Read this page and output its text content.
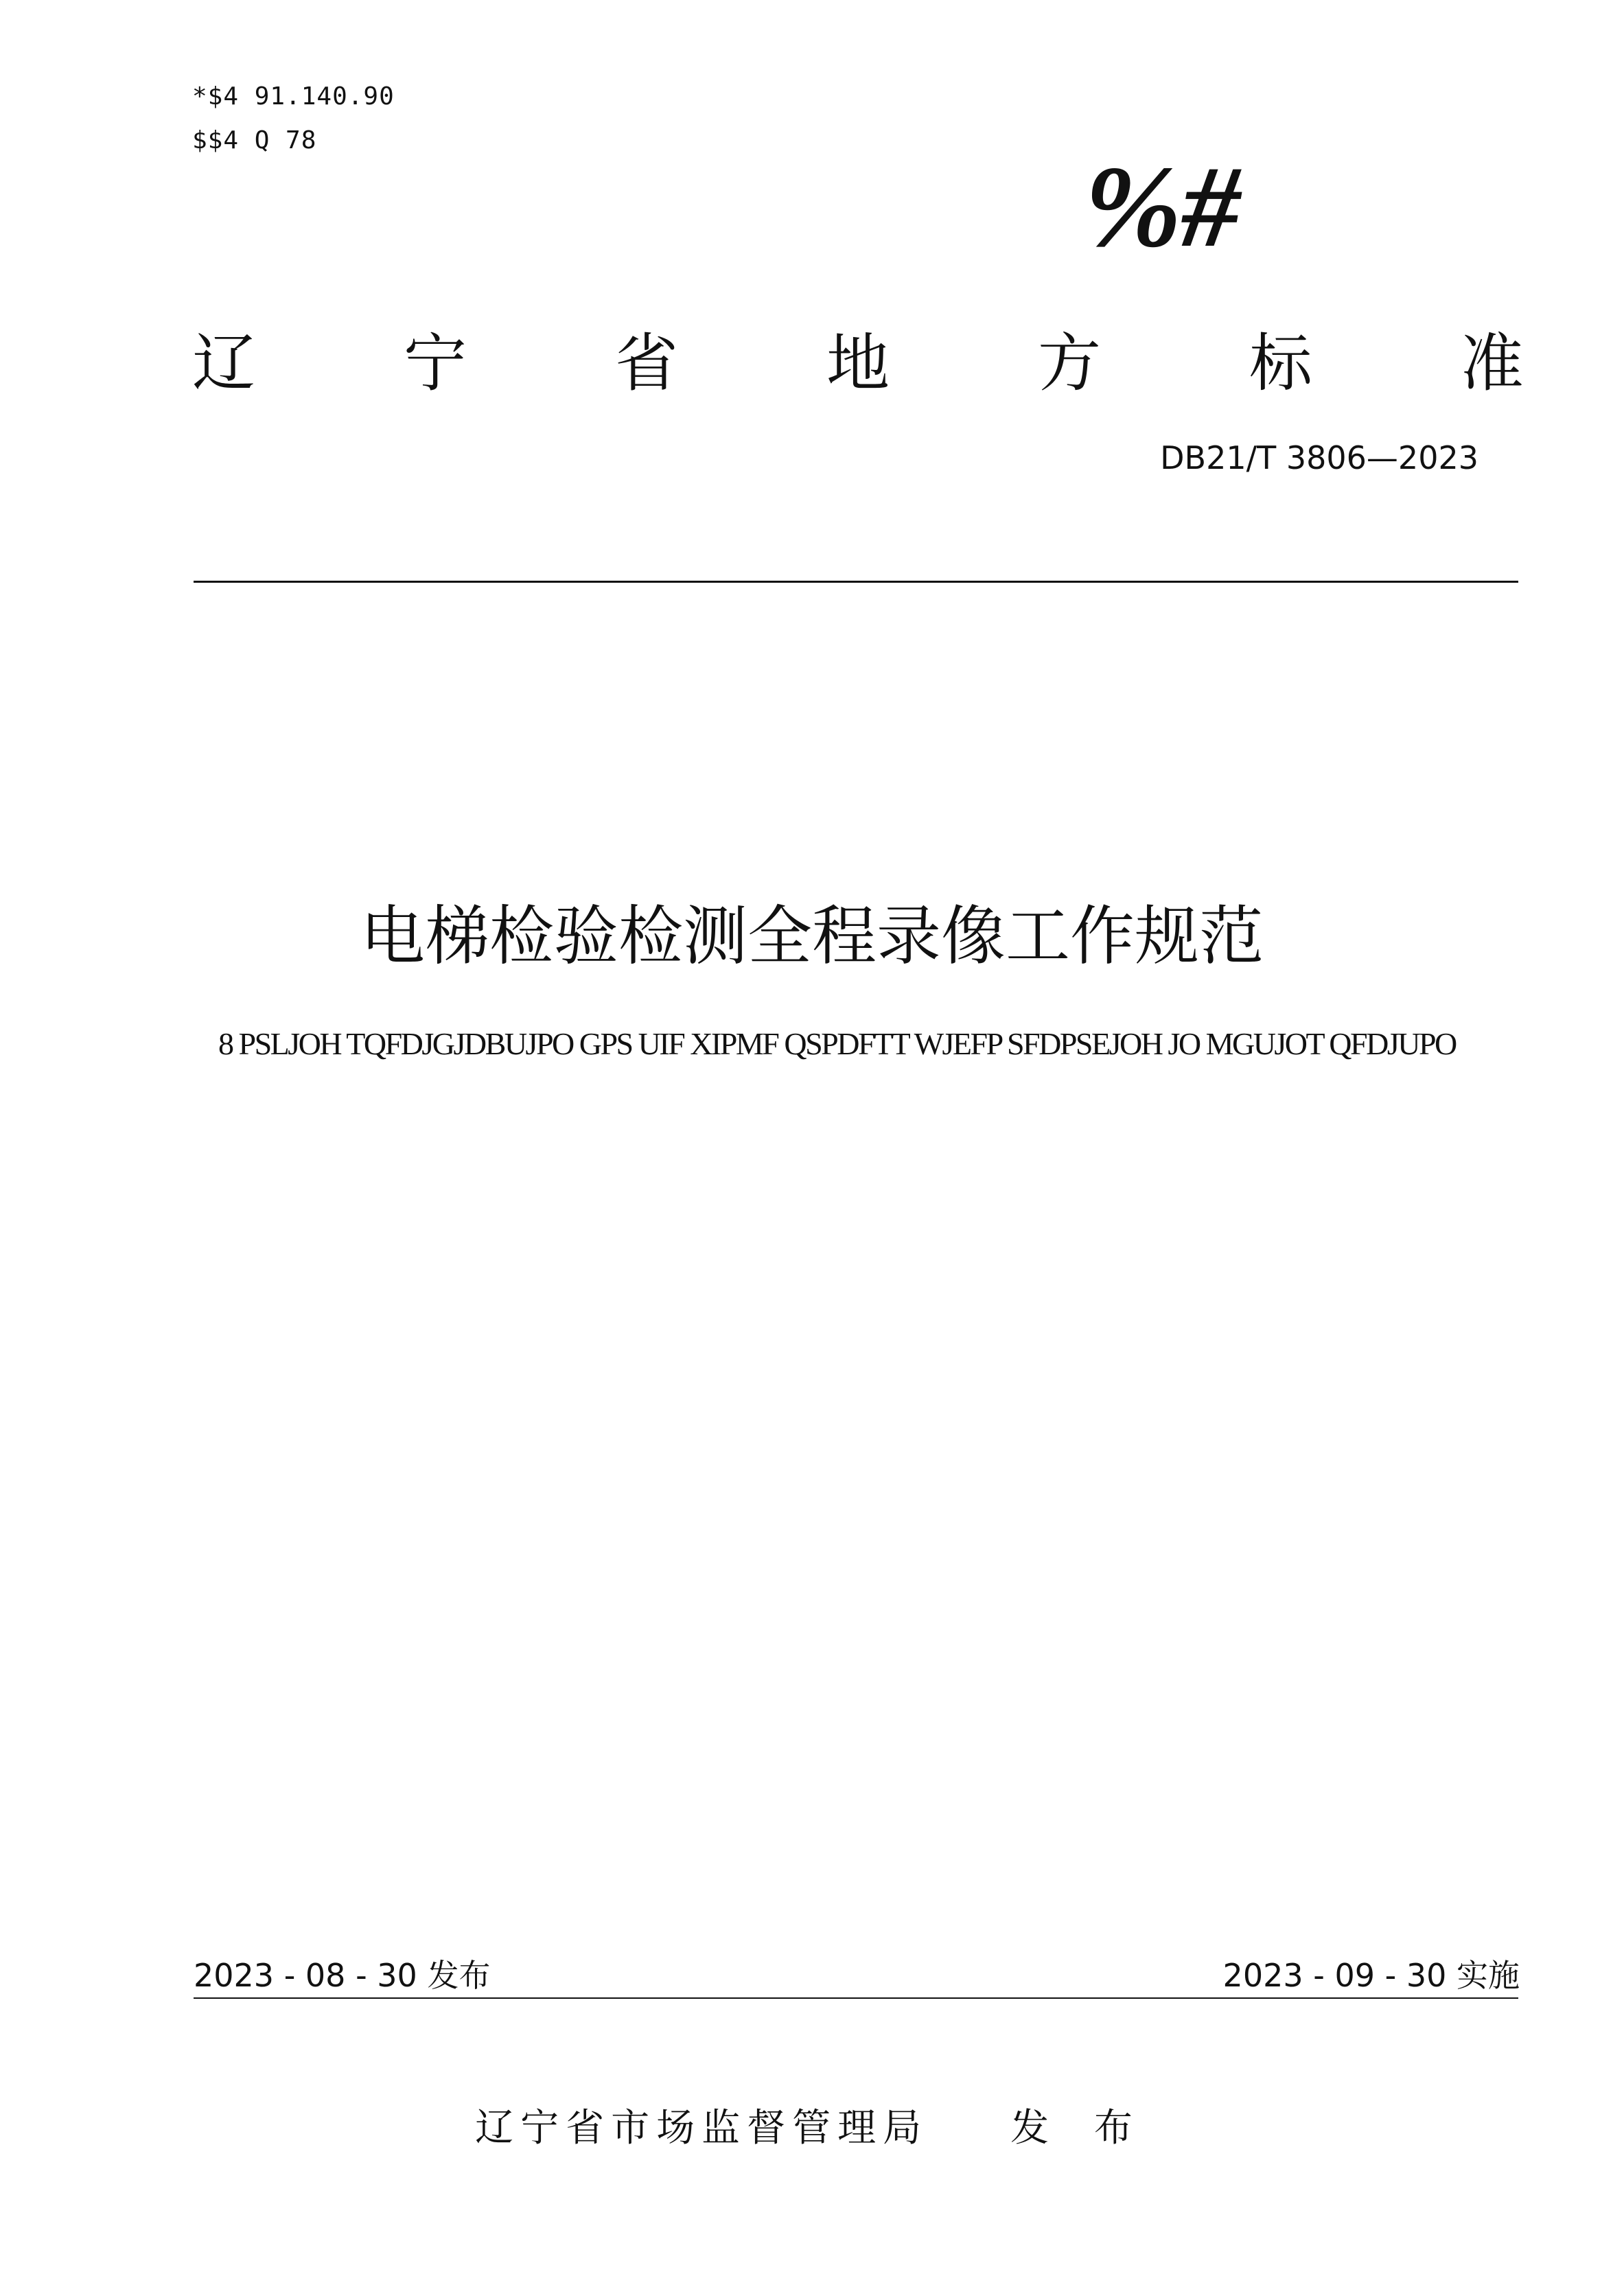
*$4 91.140.90
$$4 Q 78
%#
辽 宁 省 地 方 标 准
DB21/T 3806—2023
电梯检验检测全程录像工作规范
8 PSLJOH TQFDJGJDBUJPO GPS UIF XIPMF QSPDFTT WJEFP SFDPSEJOH JO MGUJOT QFDJUPO
2023 - 08 - 30 发布	2023 - 09 - 30 实施
辽宁省市场监督管理局 发 布
